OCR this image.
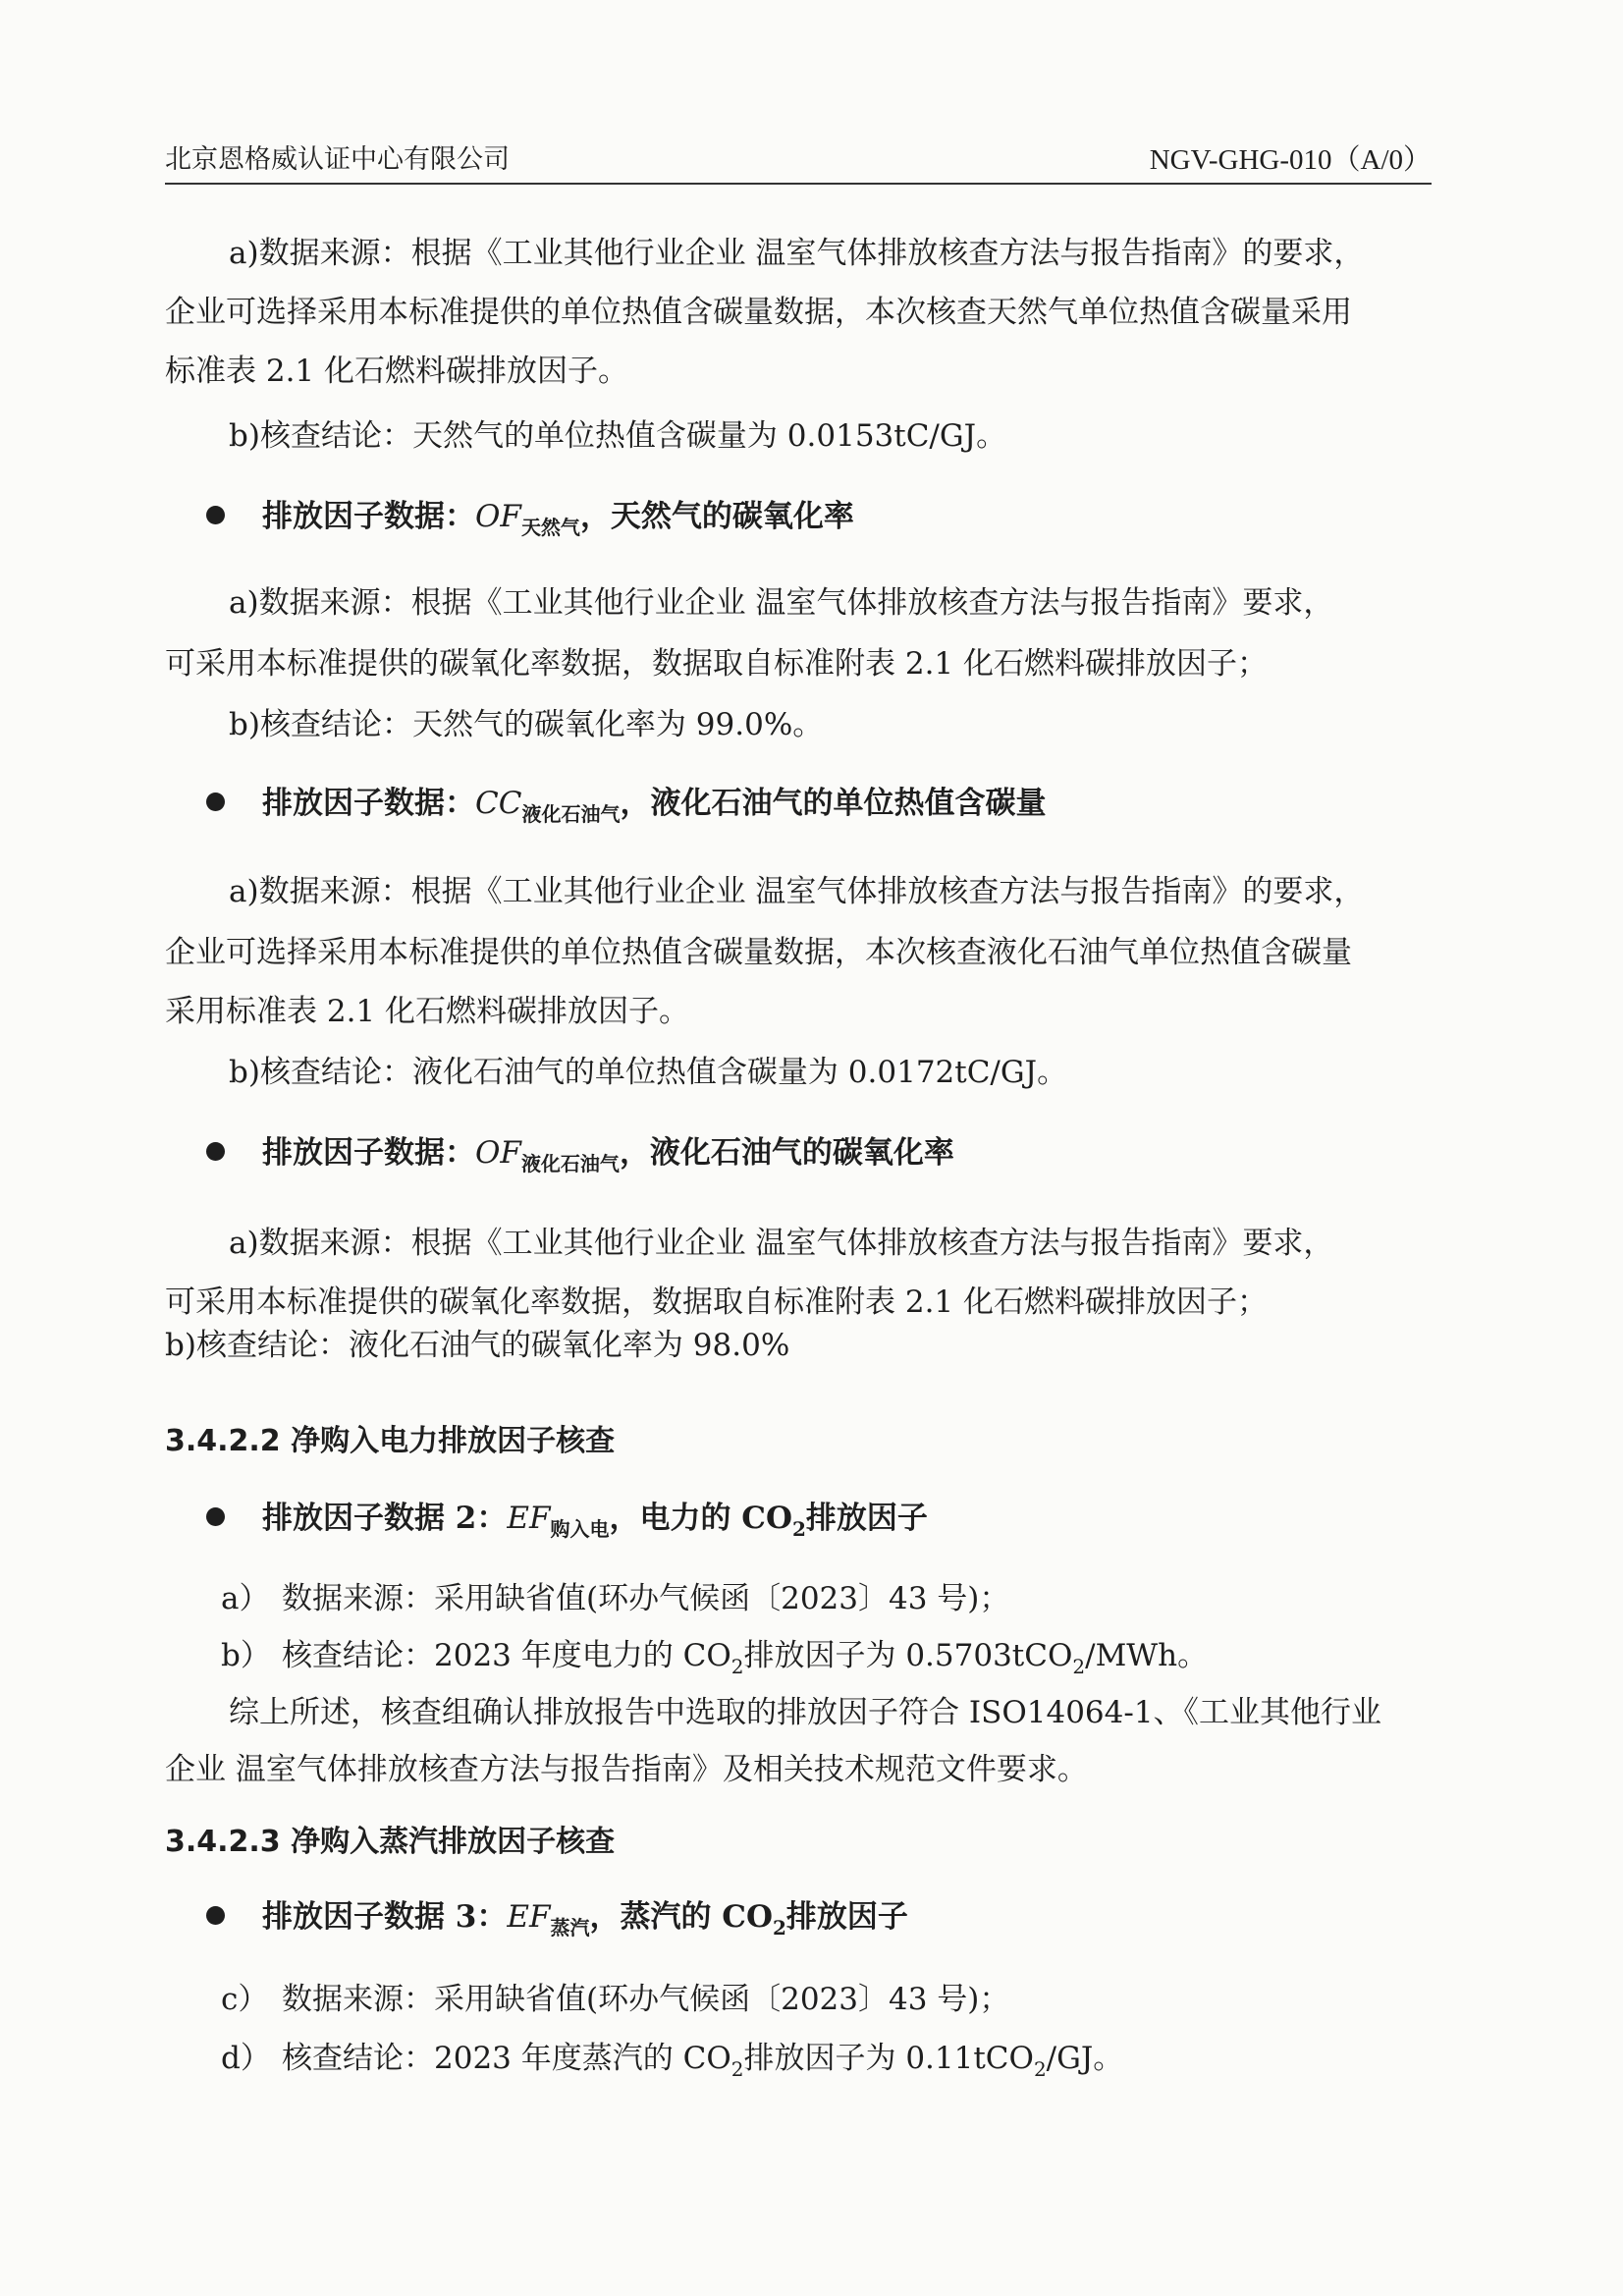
北京恩格威认证中心有限公司	NGV-GHG-010（A/0）
a)数据来源：根据《工业其他行业企业 温室气体排放核查方法与报告指南》的要求，
企业可选择采用本标准提供的单位热值含碳量数据，本次核查天然气单位热值含碳量采用
标准表 2.1 化石燃料碳排放因子。
b)核查结论：天然气的单位热值含碳量为 0.0153tC/GJ。
排放因子数据：$OF_{天然气}$，天然气的碳氧化率
a)数据来源：根据《工业其他行业企业 温室气体排放核查方法与报告指南》要求，
可采用本标准提供的碳氧化率数据，数据取自标准附表 2.1 化石燃料碳排放因子；
b)核查结论：天然气的碳氧化率为 99.0%。
排放因子数据：$CC_{液化石油气}$，液化石油气的单位热值含碳量
a)数据来源：根据《工业其他行业企业 温室气体排放核查方法与报告指南》的要求，
企业可选择采用本标准提供的单位热值含碳量数据，本次核查液化石油气单位热值含碳量
采用标准表 2.1 化石燃料碳排放因子。
b)核查结论：液化石油气的单位热值含碳量为 0.0172tC/GJ。
排放因子数据：$OF_{液化石油气}$，液化石油气的碳氧化率
a)数据来源：根据《工业其他行业企业 温室气体排放核查方法与报告指南》要求，
可采用本标准提供的碳氧化率数据，数据取自标准附表 2.1 化石燃料碳排放因子；
b)核查结论：液化石油气的碳氧化率为 98.0%
3.4.2.2 净购入电力排放因子核查
排放因子数据 2：$EF_{购入电}$，电力的 $CO_2$排放因子
a） 数据来源：采用缺省值(环办气候函〔2023〕43 号)；
b） 核查结论：2023 年度电力的 $CO_2$排放因子为 0.5703tCO$_2$/MWh。
综上所述，核查组确认排放报告中选取的排放因子符合 ISO14064-1、《工业其他行业
企业 温室气体排放核查方法与报告指南》及相关技术规范文件要求。
3.4.2.3 净购入蒸汽排放因子核查
排放因子数据 3：$EF_{蒸汽}$，蒸汽的 $CO_2$排放因子
c） 数据来源：采用缺省值(环办气候函〔2023〕43 号)；
d） 核查结论：2023 年度蒸汽的 $CO_2$排放因子为 0.11tCO$_2$/GJ。
